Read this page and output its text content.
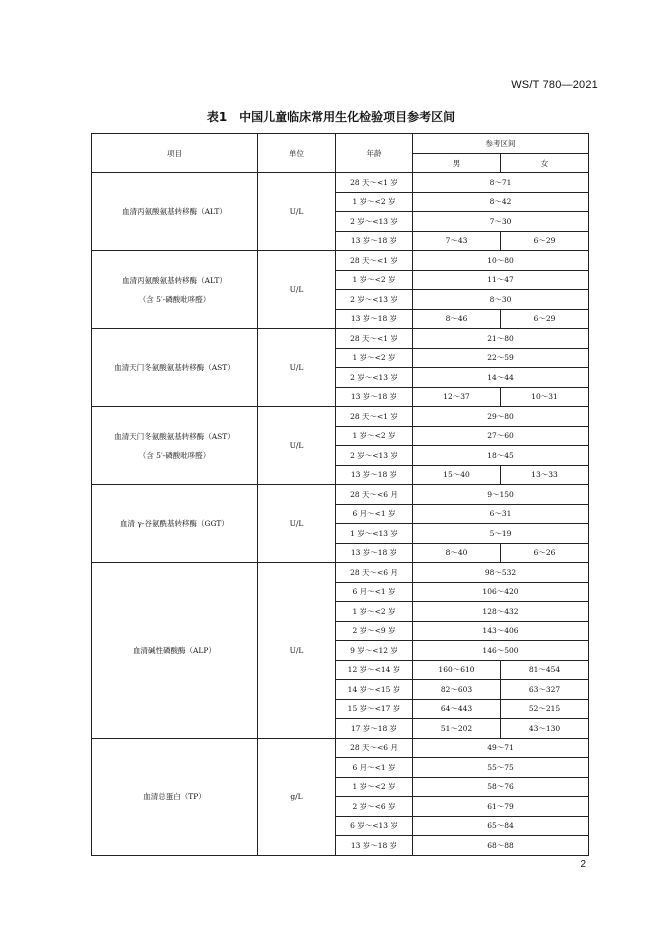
WS/T 780—2021
表1 中国儿童临床常用生化检验项目参考区间
项目	单位	年龄	参考区间	
			男	女

血清丙氨酸氨基转移酶（ALT）	U/L	28 天～<1 岁	8～71	
		1 岁～<2 岁	8～42	
		2 岁～<13 岁	7～30	
		13 岁～18 岁	7～43	6～29

血清丙氨酸氨基转移酶（ALT）
（含 5′-磷酸吡哆醛）	U/L	28 天～<1 岁	10～80	
		1 岁～<2 岁	11～47	
		2 岁～<13 岁	8～30	
		13 岁～18 岁	8～46	6～29

血清天门冬氨酸氨基转移酶（AST）	U/L	28 天～<1 岁	21～80	
		1 岁～<2 岁	22～59	
		2 岁～<13 岁	14～44	
		13 岁～18 岁	12～37	10～31

血清天门冬氨酸氨基转移酶（AST）
（含 5′-磷酸吡哆醛）	U/L	28 天～<1 岁	29～80	
		1 岁～<2 岁	27～60	
		2 岁～<13 岁	18～45	
		13 岁～18 岁	15～40	13～33

血清 γ-谷氨酰基转移酶（GGT）	U/L	28 天～<6 月	9～150	
		6 月～<1 岁	6～31	
		1 岁～<13 岁	5～19	
		13 岁～18 岁	8～40	6～26

血清碱性磷酸酶（ALP）	U/L	28 天～<6 月	98～532	
		6 月～<1 岁	106～420	
		1 岁～<2 岁	128～432	
		2 岁～<9 岁	143～406	
		9 岁～<12 岁	146～500	
		12 岁～<14 岁	160～610	81～454
		14 岁～<15 岁	82～603	63～327
		15 岁～<17 岁	64～443	52～215
		17 岁～18 岁	51～202	43～130

血清总蛋白（TP）	g/L	28 天～<6 月	49～71	
		6 月～<1 岁	55～75	
		1 岁～<2 岁	58～76	
		2 岁～<6 岁	61～79	
		6 岁～<13 岁	65～84	
		13 岁～18 岁	68～88	
2
